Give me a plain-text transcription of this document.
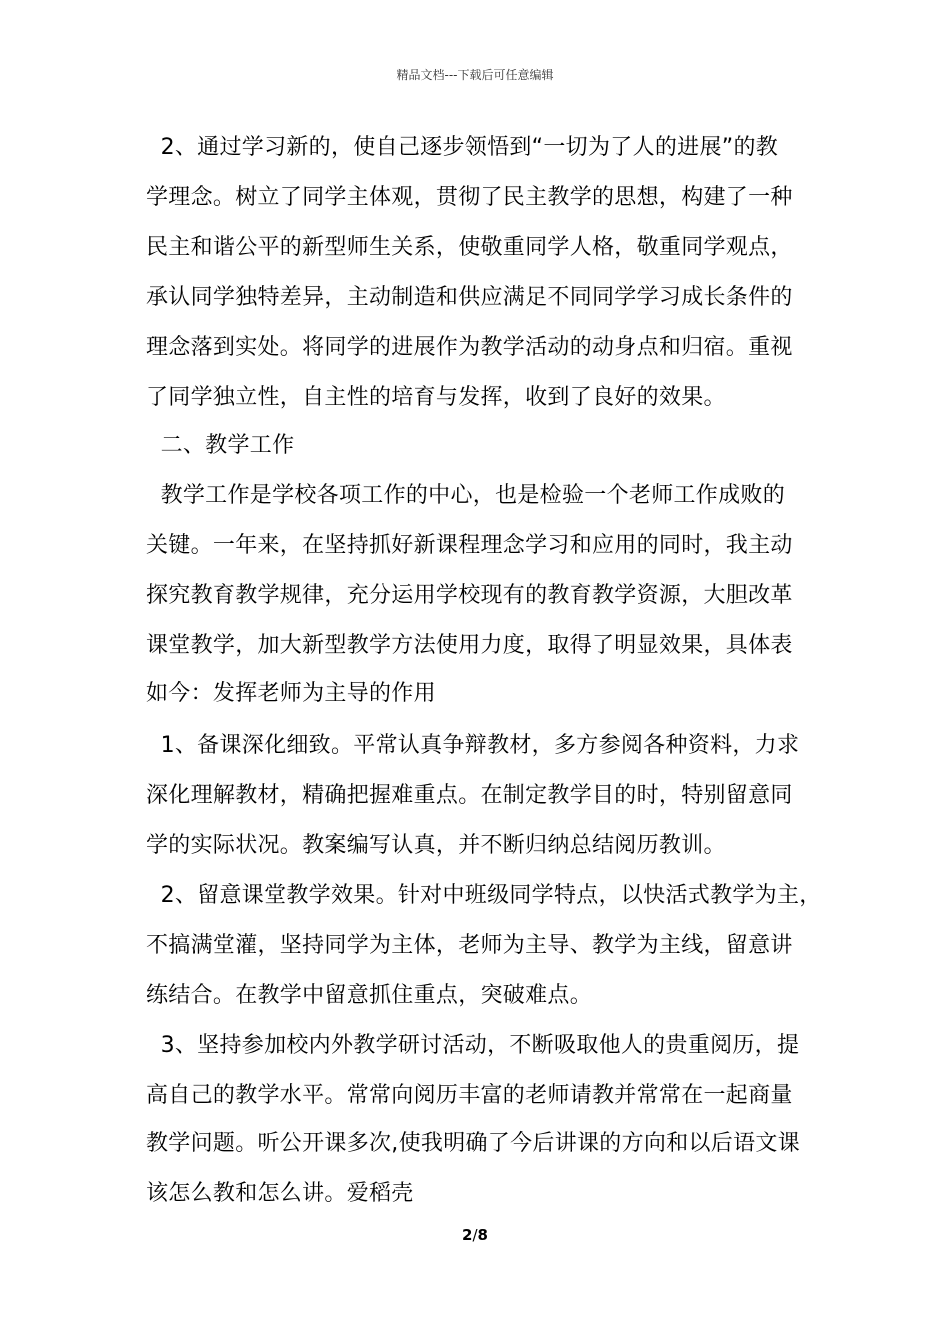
精品文档---下载后可任意编辑
2、通过学习新的，使自己逐步领悟到“一切为了人的进展”的教
学理念。树立了同学主体观，贯彻了民主教学的思想，构建了一种
民主和谐公平的新型师生关系，使敬重同学人格，敬重同学观点，
承认同学独特差异，主动制造和供应满足不同同学学习成长条件的
理念落到实处。将同学的进展作为教学活动的动身点和归宿。重视
了同学独立性，自主性的培育与发挥，收到了良好的效果。
二、教学工作
教学工作是学校各项工作的中心，也是检验一个老师工作成败的
关键。一年来，在坚持抓好新课程理念学习和应用的同时，我主动
探究教育教学规律，充分运用学校现有的教育教学资源，大胆改革
课堂教学，加大新型教学方法使用力度，取得了明显效果，具体表
如今：发挥老师为主导的作用
1、备课深化细致。平常认真争辩教材，多方参阅各种资料，力求
深化理解教材，精确把握难重点。在制定教学目的时，特别留意同
学的实际状况。教案编写认真，并不断归纳总结阅历教训。
2、留意课堂教学效果。针对中班级同学特点，以快活式教学为主，
不搞满堂灌，坚持同学为主体，老师为主导、教学为主线，留意讲
练结合。在教学中留意抓住重点，突破难点。
3、坚持参加校内外教学研讨活动，不断吸取他人的贵重阅历，提
高自己的教学水平。常常向阅历丰富的老师请教并常常在一起商量
教学问题。听公开课多次,使我明确了今后讲课的方向和以后语文课
该怎么教和怎么讲。爱稻壳
2/8
